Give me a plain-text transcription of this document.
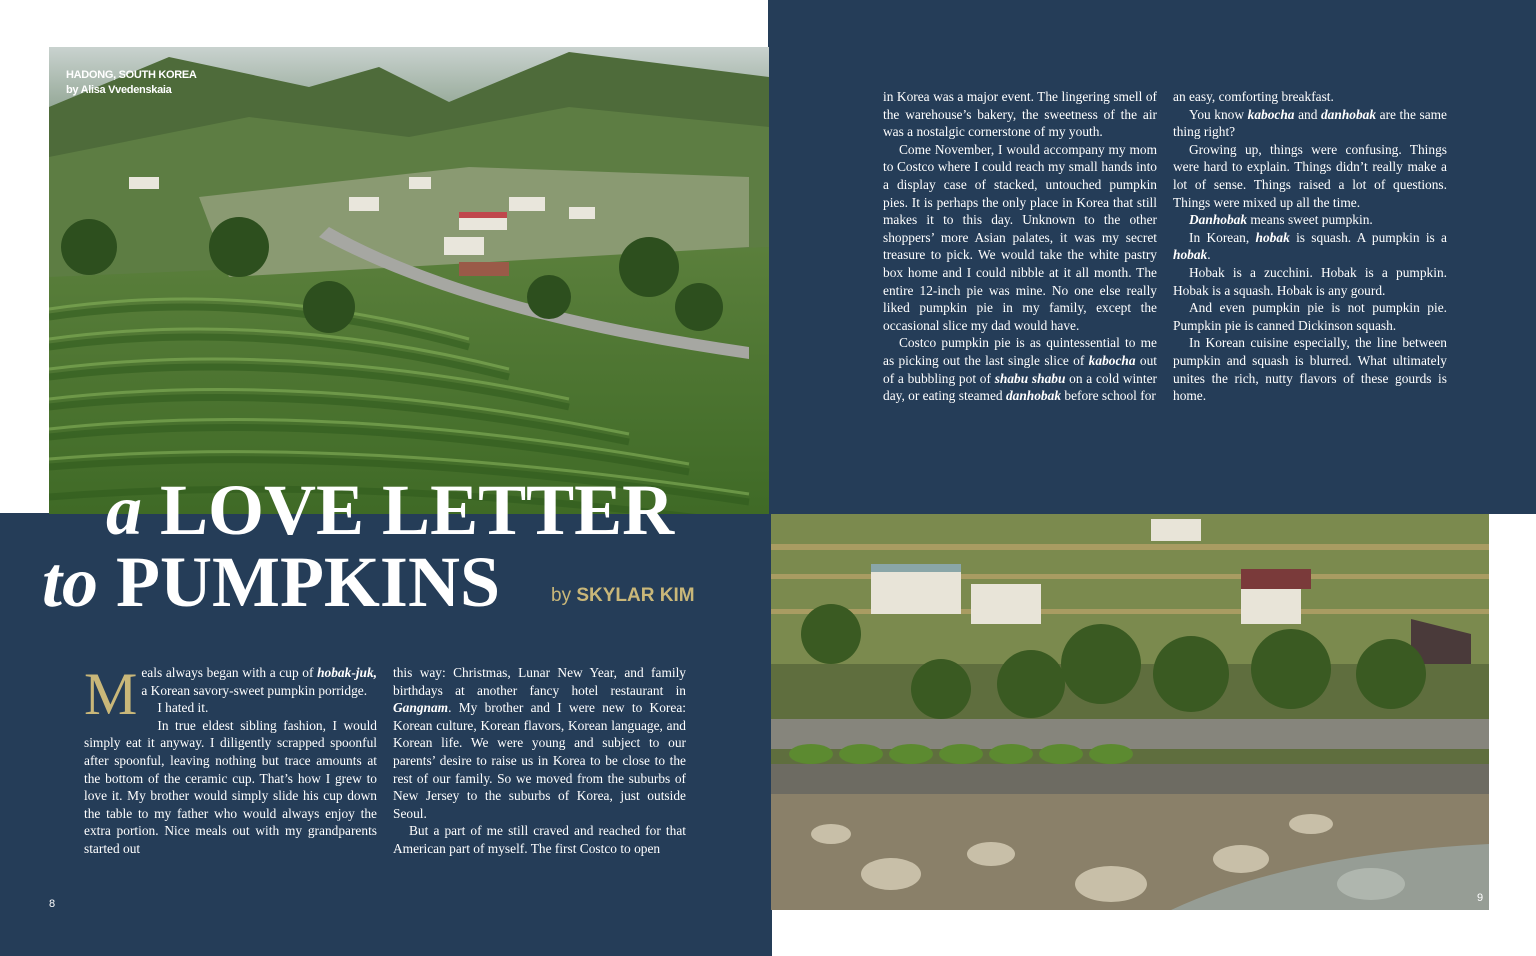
HADONG, SOUTH KOREA
by Alisa Vvedenskaia
a LOVE LETTER
to PUMPKINS	by SKYLAR KIM
M eals always began with a cup of hobak-juk, a Korean savory-sweet pumpkin porridge.

I hated it.

In true eldest sibling fashion, I would simply eat it anyway. I diligently scrapped spoonful after spoonful, leaving nothing but trace amounts at the bottom of the ceramic cup. That’s how I grew to love it. My brother would simply slide his cup down the table to my father who would always enjoy the extra portion. Nice meals out with my grandparents started out

this way: Christmas, Lunar New Year, and family birthdays at another fancy hotel restaurant in Gangnam. My brother and I were new to Korea: Korean culture, Korean flavors, Korean language, and Korean life. We were young and subject to our parents’ desire to raise us in Korea to be close to the rest of our family. So we moved from the suburbs of New Jersey to the suburbs of Korea, just outside Seoul.

But a part of me still craved and reached for that American part of myself. The first Costco to open

in Korea was a major event. The lingering smell of the warehouse’s bakery, the sweetness of the air was a nostalgic cornerstone of my youth.

Come November, I would accompany my mom to Costco where I could reach my small hands into a display case of stacked, untouched pumpkin pies. It is perhaps the only place in Korea that still makes it to this day. Unknown to the other shoppers’ more Asian palates, it was my secret treasure to pick. We would take the white pastry box home and I could nibble at it all month. The entire 12-inch pie was mine. No one else really liked pumpkin pie in my family, except the occasional slice my dad would have.

Costco pumpkin pie is as quintessential to me as picking out the last single slice of kabocha out of a bubbling pot of shabu shabu on a cold winter day, or eating steamed danhobak before school for

an easy, comforting breakfast.

You know kabocha and danhobak are the same thing right?

Growing up, things were confusing. Things were hard to explain. Things didn’t really make a lot of sense. Things raised a lot of questions. Things were mixed up all the time.

Danhobak means sweet pumpkin.

In Korean, hobak is squash. A pumpkin is a hobak.

Hobak is a zucchini. Hobak is a pumpkin. Hobak is a squash. Hobak is any gourd.

And even pumpkin pie is not pumpkin pie. Pumpkin pie is canned Dickinson squash.

In Korean cuisine especially, the line between pumpkin and squash is blurred. What ultimately unites the rich, nutty flavors of these gourds is home.

8	9
